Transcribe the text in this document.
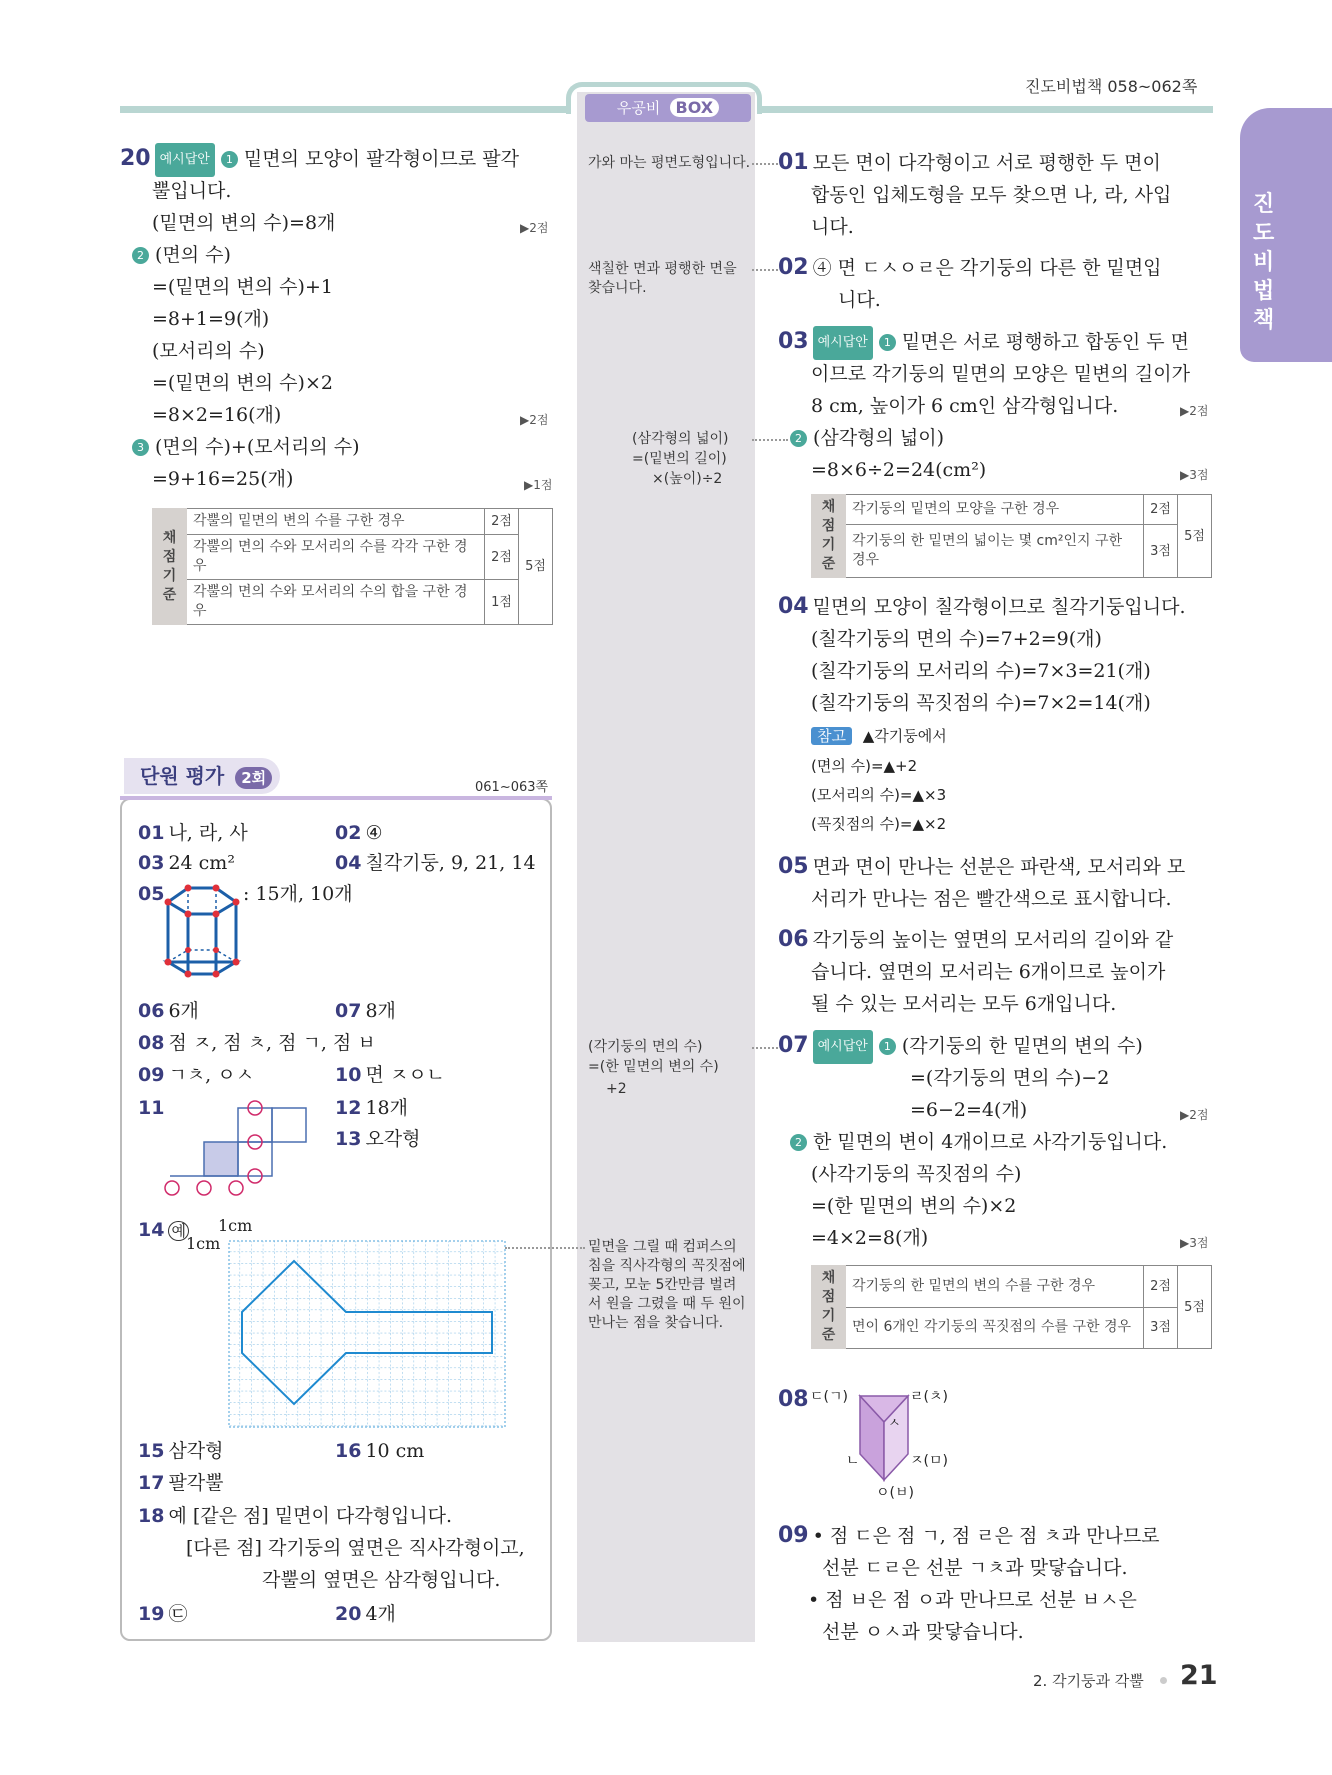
우공비 BOX
진도비법책 058~062쪽
진도비법책
20 예시답안 1 밑면의 모양이 팔각형이므로 팔각
뿔입니다.
(밑면의 변의 수)=8개	▶2점
2 (면의 수)
=(밑면의 변의 수)+1
=8+1=9(개)
(모서리의 수)
=(밑면의 변의 수)×2
=8×2=16(개)	▶2점
3 (면의 수)+(모서리의 수)
=9+16=25(개)	▶1점
채점 기준	각뿔의 밑면의 변의 수를 구한 경우	2점	5점
	각뿔의 면의 수와 모서리의 수를 각각 구한 경우	2점	
	각뿔의 면의 수와 모서리의 수의 합을 구한 경우	1점	
단원 평가 2회
061~063쪽
01 나, 라, 사	02 ④
03 24 cm²	04 칠각기둥, 9, 21, 14
05	: 15개, 10개
06 6개	07 8개
08 점 ㅈ, 점 ㅊ, 점 ㄱ, 점 ㅂ
09 ㄱㅊ, ㅇㅅ	10 면 ㅈㅇㄴ
11	12 18개
13 오각형
14 예 1cm
1cm
15 삼각형	16 10 cm
17 팔각뿔
18 예 [같은 점] 밑면이 다각형입니다.
[다른 점] 각기둥의 옆면은 직사각형이고,
각뿔의 옆면은 삼각형입니다.
19 ㉢	20 4개
가와 마는 평면도형입니다.
색칠한 면과 평행한 면을 찾습니다.
(삼각형의 넓이)
=(밑변의 길이)
×(높이)÷2
(각기둥의 면의 수)
=(한 밑면의 변의 수)
+2
밑면을 그릴 때 컴퍼스의 침을 직사각형의 꼭짓점에 꽂고, 모눈 5칸만큼 벌려서 원을 그렸을 때 두 원이 만나는 점을 찾습니다.
01 모든 면이 다각형이고 서로 평행한 두 면이
합동인 입체도형을 모두 찾으면 나, 라, 사입
니다.
02 ④ 면 ㄷㅅㅇㄹ은 각기둥의 다른 한 밑면입
니다.
03 예시답안 1 밑면은 서로 평행하고 합동인 두 면
이므로 각기둥의 밑면의 모양은 밑변의 길이가
8 cm, 높이가 6 cm인 삼각형입니다.	▶2점
2 (삼각형의 넓이)
=8×6÷2=24(cm²)	▶3점
채점 기준	각기둥의 밑면의 모양을 구한 경우	2점	5점
	각기둥의 한 밑면의 넓이는 몇 cm²인지 구한 경우	3점	
04 밑면의 모양이 칠각형이므로 칠각기둥입니다.
(칠각기둥의 면의 수)=7+2=9(개)
(칠각기둥의 모서리의 수)=7×3=21(개)
(칠각기둥의 꼭짓점의 수)=7×2=14(개)
참고 ▲각기둥에서
(면의 수)=▲+2
(모서리의 수)=▲×3
(꼭짓점의 수)=▲×2
05 면과 면이 만나는 선분은 파란색, 모서리와 모
서리가 만나는 점은 빨간색으로 표시합니다.
06 각기둥의 높이는 옆면의 모서리의 길이와 같
습니다. 옆면의 모서리는 6개이므로 높이가
될 수 있는 모서리는 모두 6개입니다.
07 예시답안 1 (각기둥의 한 밑면의 변의 수)
=(각기둥의 면의 수)−2
=6−2=4(개)	▶2점
2 한 밑면의 변이 4개이므로 사각기둥입니다.
(사각기둥의 꼭짓점의 수)
=(한 밑면의 변의 수)×2
=4×2=8(개)	▶3점
채점 기준	각기둥의 한 밑면의 변의 수를 구한 경우	2점	5점
	면이 6개인 각기둥의 꼭짓점의 수를 구한 경우	3점	
08 ㄷ(ㄱ)	ㄹ(ㅊ)
ㅅ
ㄴ	ㅈ(ㅁ)
ㅇ(ㅂ)
09 • 점 ㄷ은 점 ㄱ, 점 ㄹ은 점 ㅊ과 만나므로
선분 ㄷㄹ은 선분 ㄱㅊ과 맞닿습니다.
• 점 ㅂ은 점 ㅇ과 만나므로 선분 ㅂㅅ은
선분 ㅇㅅ과 맞닿습니다.
2. 각기둥과 각뿔 21
